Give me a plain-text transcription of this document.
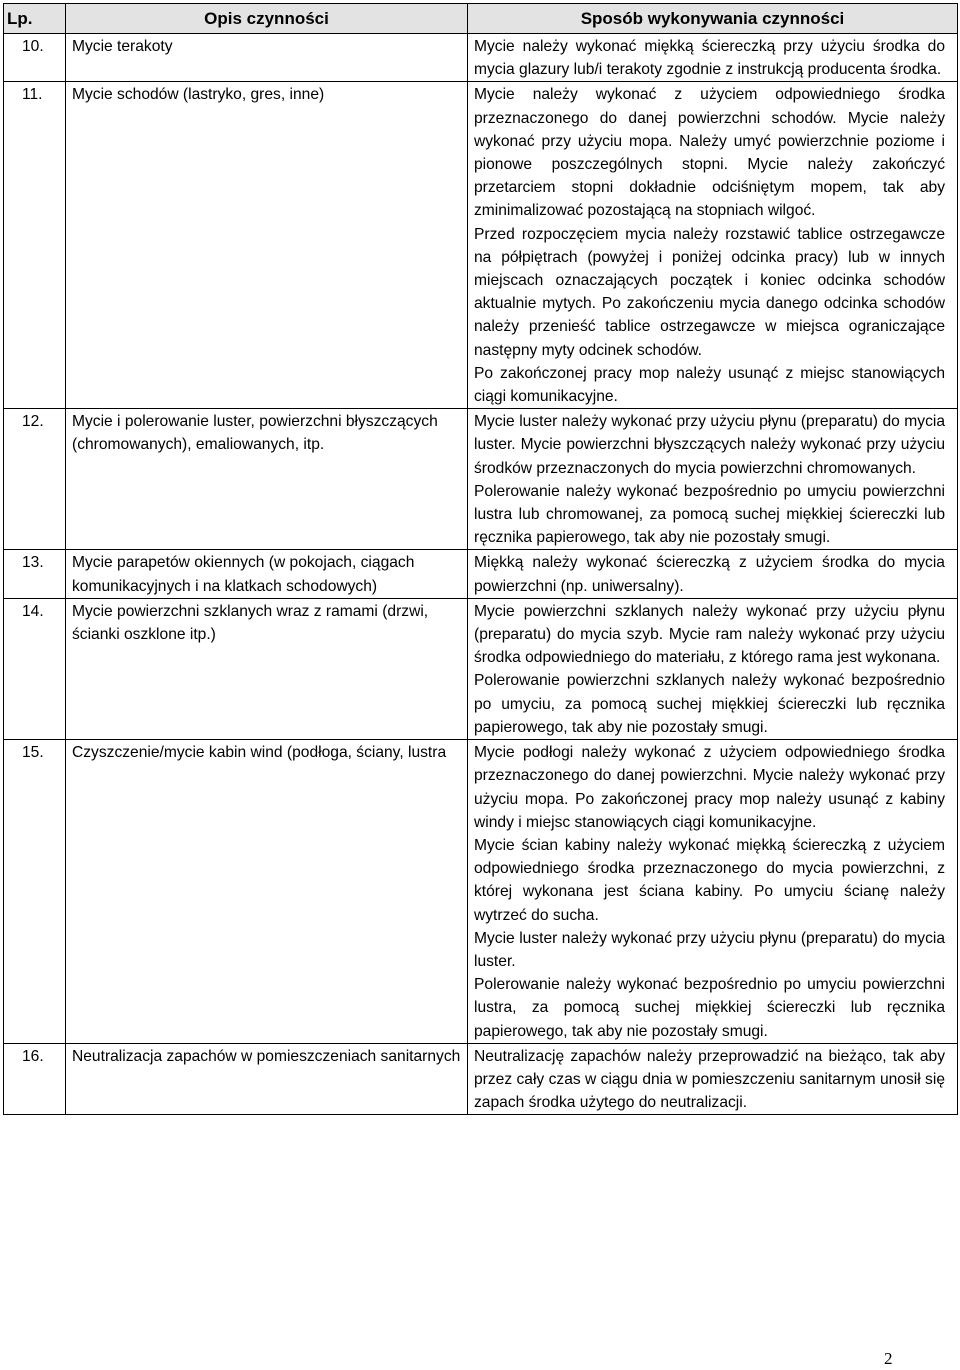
Lp.	Opis czynności	Sposób wykonywania czynności
10.	Mycie terakoty	Mycie należy wykonać miękką ściereczką przy użyciu środka do mycia glazury lub/i terakoty zgodnie z instrukcją producenta środka.

11.	Mycie schodów (lastryko, gres, inne)	Mycie należy wykonać z użyciem odpowiedniego środka przeznaczonego do danej powierzchni schodów. Mycie należy wykonać przy użyciu mopa. Należy umyć powierzchnie poziome i pionowe poszczególnych stopni. Mycie należy zakończyć przetarciem stopni dokładnie odciśniętym mopem, tak aby zminimalizować pozostającą na stopniach wilgoć.
Przed rozpoczęciem mycia należy rozstawić tablice ostrzegawcze na półpiętrach (powyżej i poniżej odcinka pracy) lub w innych miejscach oznaczających początek i koniec odcinka schodów aktualnie mytych. Po zakończeniu mycia danego odcinka schodów należy przenieść tablice ostrzegawcze w miejsca ograniczające następny myty odcinek schodów.
Po zakończonej pracy mop należy usunąć z miejsc stanowiących ciągi komunikacyjne.

12.	Mycie i polerowanie luster, powierzchni błyszczących (chromowanych), emaliowanych, itp.	Mycie luster należy wykonać przy użyciu płynu (preparatu) do mycia luster. Mycie powierzchni błyszczących należy wykonać przy użyciu środków przeznaczonych do mycia powierzchni chromowanych.
Polerowanie należy wykonać bezpośrednio po umyciu powierzchni lustra lub chromowanej, za pomocą suchej miękkiej ściereczki lub ręcznika papierowego, tak aby nie pozostały smugi.

13.	Mycie parapetów okiennych (w pokojach, ciągach komunikacyjnych i na klatkach schodowych)	Miękką należy wykonać ściereczką z użyciem środka do mycia powierzchni (np. uniwersalny).

14.	Mycie powierzchni szklanych wraz z ramami (drzwi, ścianki oszklone itp.)	Mycie powierzchni szklanych należy wykonać przy użyciu płynu (preparatu) do mycia szyb. Mycie ram należy wykonać przy użyciu środka odpowiedniego do materiału, z którego rama jest wykonana.
Polerowanie powierzchni szklanych należy wykonać bezpośrednio po umyciu, za pomocą suchej miękkiej ściereczki lub ręcznika papierowego, tak aby nie pozostały smugi.

15.	Czyszczenie/mycie kabin wind (podłoga, ściany, lustra	Mycie podłogi należy wykonać z użyciem odpowiedniego środka przeznaczonego do danej powierzchni. Mycie należy wykonać przy użyciu mopa. Po zakończonej pracy mop należy usunąć z kabiny windy i miejsc stanowiących ciągi komunikacyjne.
Mycie ścian kabiny należy wykonać miękką ściereczką z użyciem odpowiedniego środka przeznaczonego do mycia powierzchni, z której wykonana jest ściana kabiny. Po umyciu ścianę należy wytrzeć do sucha.
Mycie luster należy wykonać przy użyciu płynu (preparatu) do mycia luster.
Polerowanie należy wykonać bezpośrednio po umyciu powierzchni lustra, za pomocą suchej miękkiej ściereczki lub ręcznika papierowego, tak aby nie pozostały smugi.

16.	Neutralizacja zapachów w pomieszczeniach sanitarnych	Neutralizację zapachów należy przeprowadzić na bieżąco, tak aby przez cały czas w ciągu dnia w pomieszczeniu sanitarnym unosił się zapach środka użytego do neutralizacji.
2
